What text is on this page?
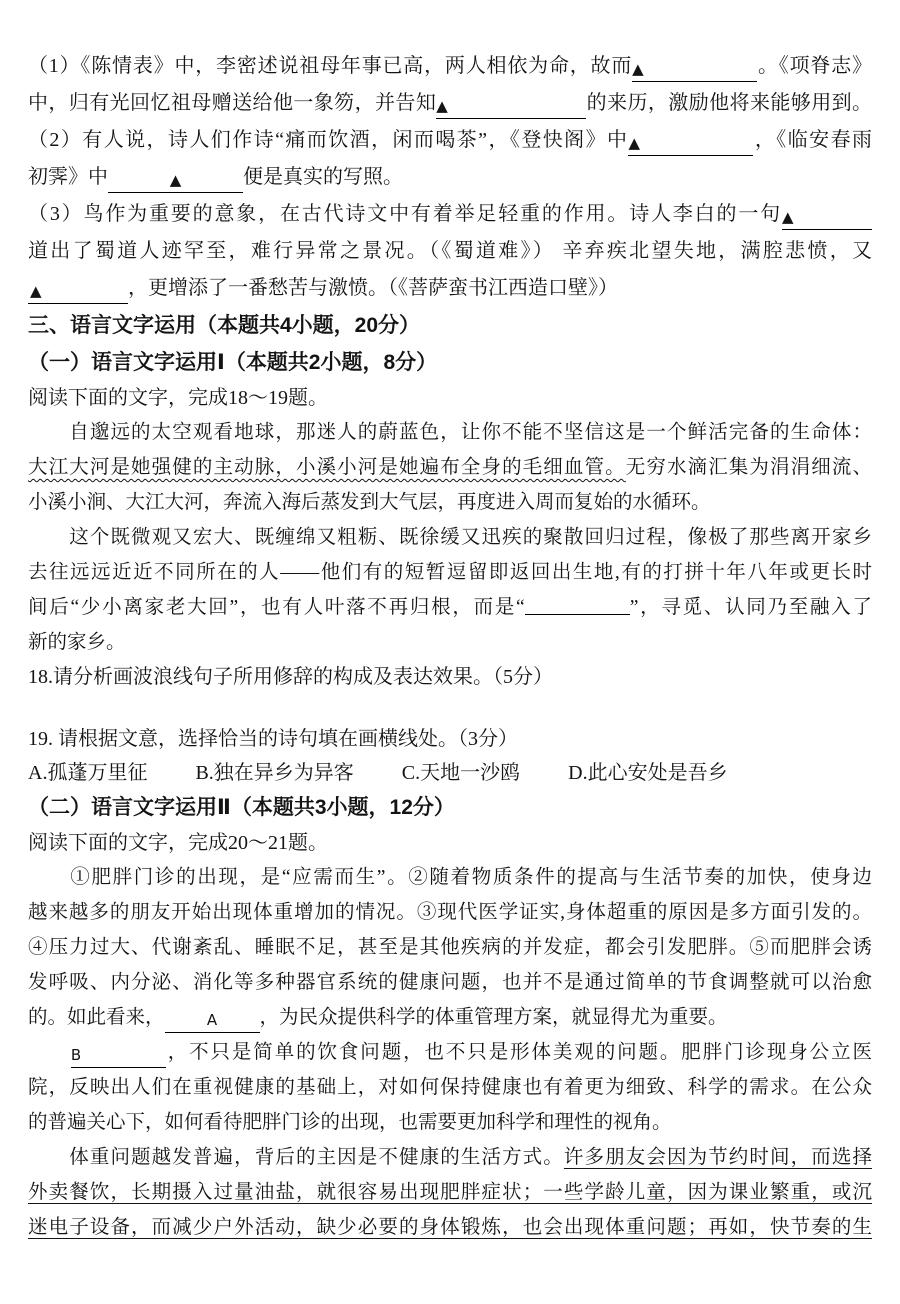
（1）《陈情表》中，李密述说祖母年事已高，两人相依为命，故而▲	。《项脊志》
中，归有光回忆祖母赠送给他一象笏，并告知▲	的来历，激励他将来能够用到。
（2）有人说，诗人们作诗“痛而饮酒，闲而喝茶”，《登快阁》中▲	，《临安春雨
初霁》中	▲	便是真实的写照。
（3）鸟作为重要的意象，在古代诗文中有着举足轻重的作用。诗人李白的一句▲
道出了蜀道人迹罕至，难行异常之景况。（《蜀道难》） 辛弃疾北望失地，满腔悲愤，又
▲	，更增添了一番愁苦与激愤。（《菩萨蛮书江西造口壁》）
三、语言文字运用（本题共4小题，20分）
（一）语言文字运用Ⅰ（本题共2小题，8分）
阅读下面的文字，完成18～19题。
　　自邈远的太空观看地球，那迷人的蔚蓝色，让你不能不坚信这是一个鲜活完备的生命体：
大江大河是她强健的主动脉，小溪小河是她遍布全身的毛细血管。无穷水滴汇集为涓涓细流、
小溪小涧、大江大河，奔流入海后蒸发到大气层，再度进入周而复始的水循环。
　　这个既微观又宏大、既缠绵又粗粝、既徐缓又迅疾的聚散回归过程，像极了那些离开家乡
去往远远近近不同所在的人——他们有的短暂逗留即返回出生地,有的打拼十年八年或更长时
间后“少小离家老大回”，也有人叶落不再归根，而是“	”，寻觅、认同乃至融入了
新的家乡。
18.请分析画波浪线句子所用修辞的构成及表达效果。（5分）
19. 请根据文意，选择恰当的诗句填在画横线处。（3分）
A.孤蓬万里征 B.独在异乡为异客 C.天地一沙鸥 D.此心安处是吾乡
（二）语言文字运用Ⅱ（本题共3小题，12分）
阅读下面的文字，完成20～21题。
　　①肥胖门诊的出现，是“应需而生”。②随着物质条件的提高与生活节奏的加快，使身边
越来越多的朋友开始出现体重增加的情况。③现代医学证实,身体超重的原因是多方面引发的。
④压力过大、代谢紊乱、睡眠不足，甚至是其他疾病的并发症，都会引发肥胖。⑤而肥胖会诱
发呼吸、内分泌、消化等多种器官系统的健康问题，也并不是通过简单的节食调整就可以治愈
的。如此看来，	A ，为民众提供科学的体重管理方案，就显得尤为重要。
　　B	，不只是简单的饮食问题，也不只是形体美观的问题。肥胖门诊现身公立医
院，反映出人们在重视健康的基础上，对如何保持健康也有着更为细致、科学的需求。在公众
的普遍关心下，如何看待肥胖门诊的出现，也需要更加科学和理性的视角。
　　体重问题越发普遍，背后的主因是不健康的生活方式。许多朋友会因为节约时间，而选择
外卖餐饮，长期摄入过量油盐，就很容易出现肥胖症状；一些学龄儿童，因为课业繁重，或沉
迷电子设备，而减少户外活动，缺少必要的身体锻炼，也会出现体重问题；再如，快节奏的生
